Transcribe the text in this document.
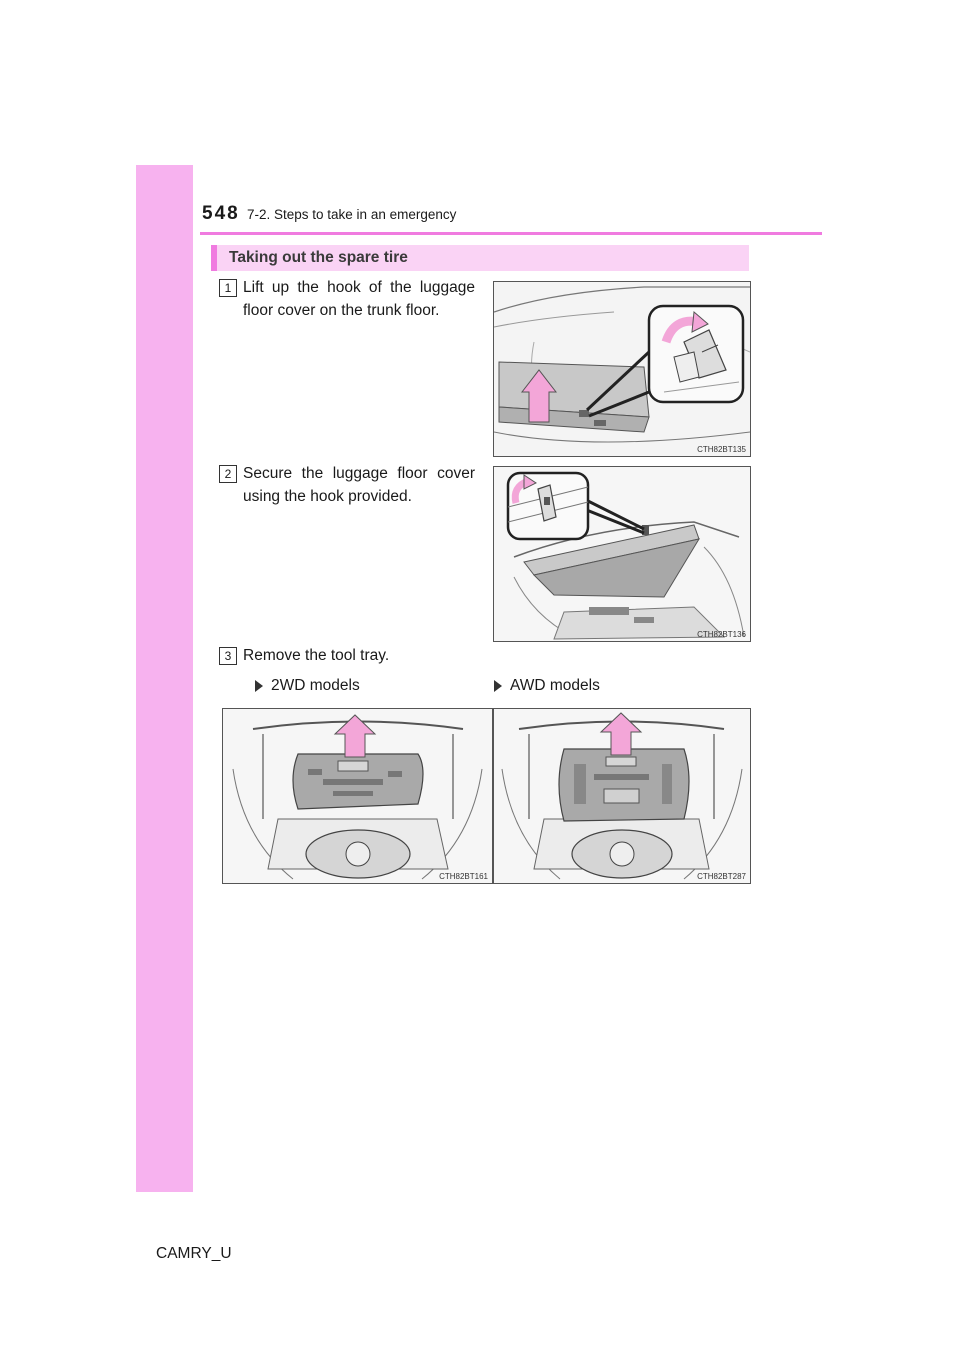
548 7-2. Steps to take in an emergency
Taking out the spare tire
1 Lift up the hook of the luggage floor cover on the trunk floor.
CTH82BT135
2 Secure the luggage floor cover using the hook provided.
CTH82BT136
3 Remove the tool tray.
2WD models	AWD models
CTH82BT161	CTH82BT287
CAMRY_U
